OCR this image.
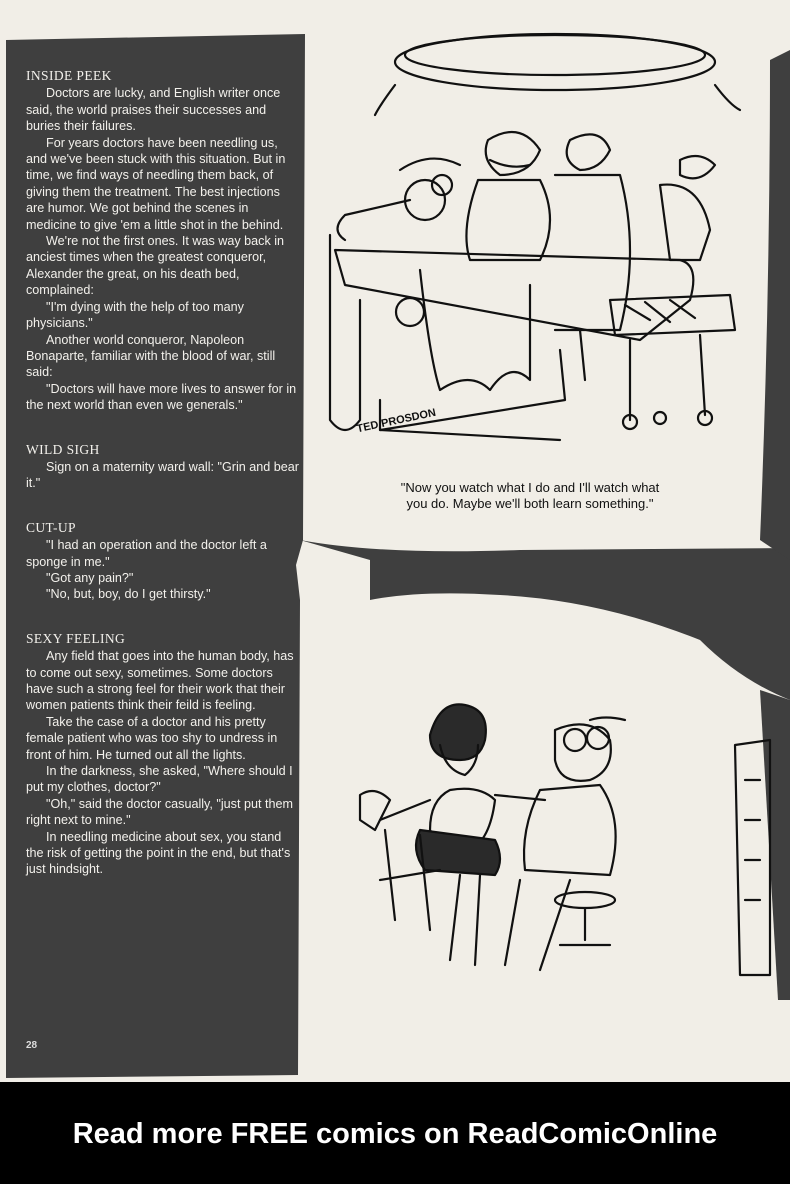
INSIDE PEEK

Doctors are lucky, and English writer once said, the world praises their successes and buries their failures.

For years doctors have been needling us, and we've been stuck with this situation. But in time, we find ways of needling them back, of giving them the treatment. The best injections are humor. We got behind the scenes in medicine to give 'em a little shot in the behind.

We're not the first ones. It was way back in anciest times when the greatest conqueror, Alexander the great, on his death bed, complained:

"I'm dying with the help of too many physicians."

Another world conqueror, Napoleon Bonaparte, familiar with the blood of war, still said:

"Doctors will have more lives to answer for in the next world than even we generals."

WILD SIGH

Sign on a maternity ward wall: "Grin and bear it."

CUT-UP

"I had an operation and the doctor left a sponge in me."

"Got any pain?"

"No, but, boy, do I get thirsty."

SEXY FEELING

Any field that goes into the human body, has to come out sexy, sometimes. Some doctors have such a strong feel for their work that their women patients think their feild is feeling.

Take the case of a doctor and his pretty female patient who was too shy to undress in front of him. He turned out all the lights.

In the darkness, she asked, "Where should I put my clothes, doctor?"

"Oh," said the doctor casually, "just put them right next to mine."

In needling medicine about sex, you stand the risk of getting the point in the end, but that's just hindsight.

TED PROSDON
"Now you watch what I do and I'll watch what you do. Maybe we'll both learn something."
28
Read more FREE comics on ReadComicOnline
